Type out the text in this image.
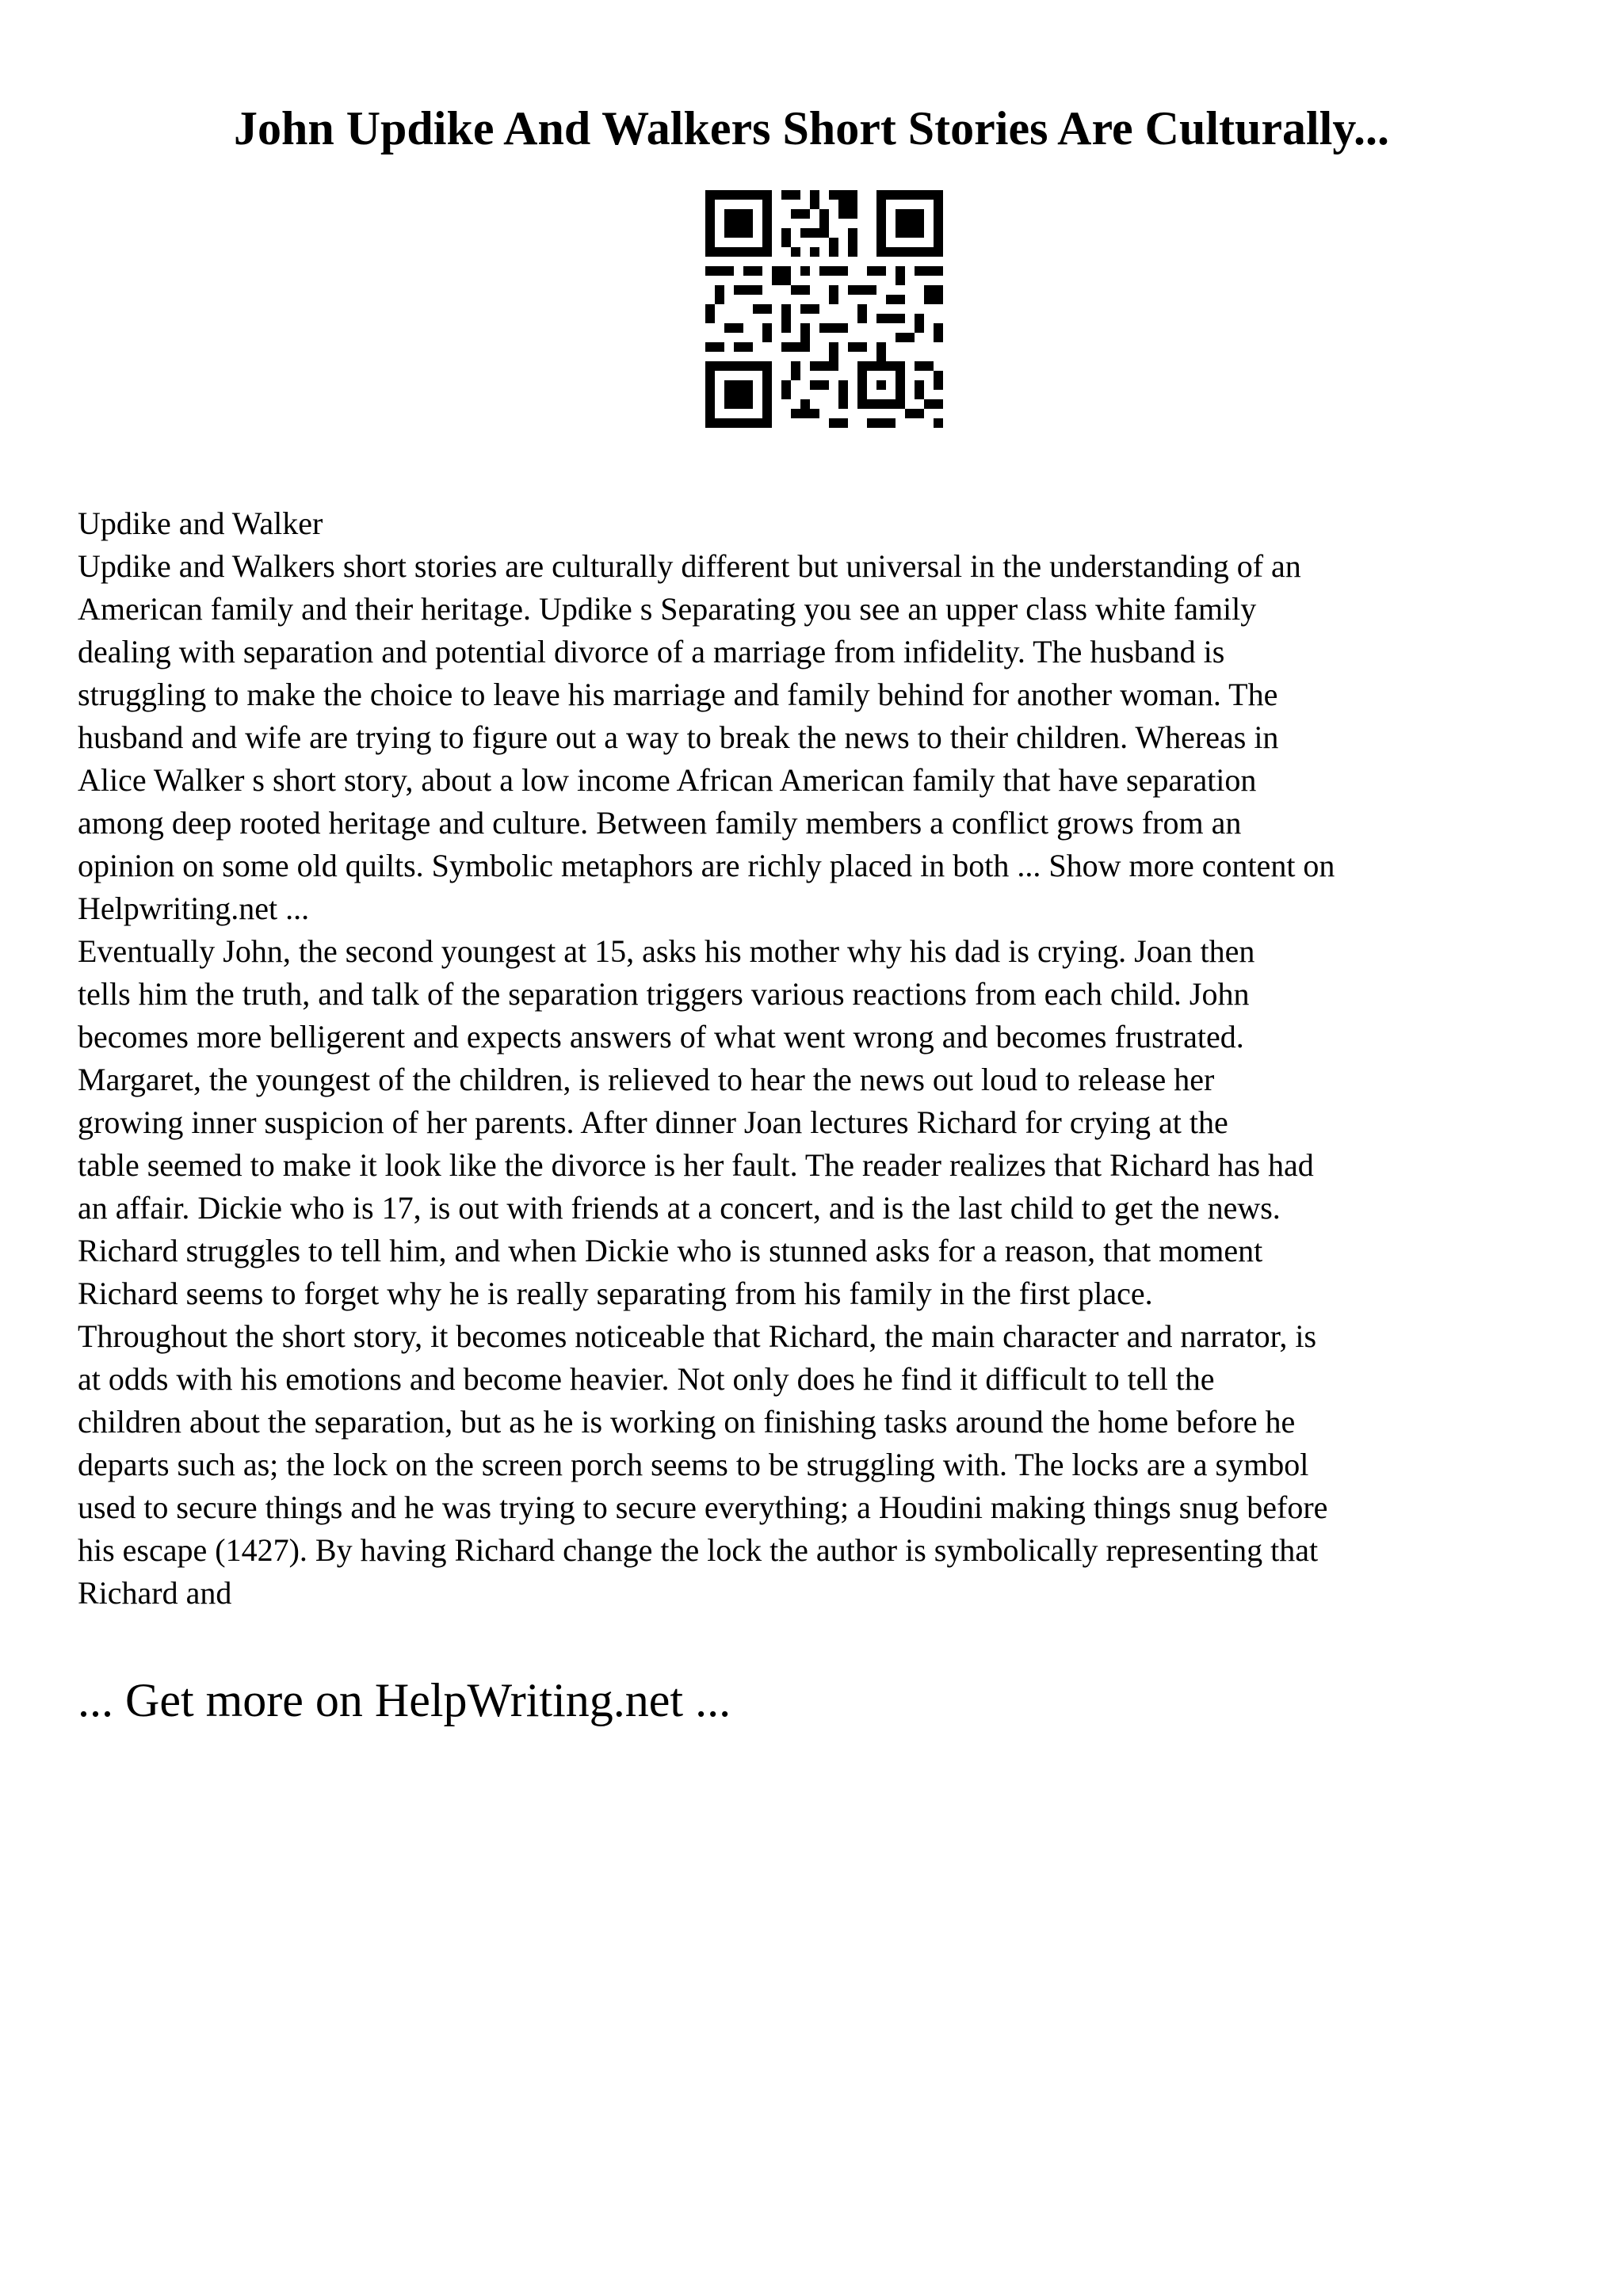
John Updike And Walkers Short Stories Are Culturally...
Updike and Walker
Updike and Walkers short stories are culturally different but universal in the understanding of an
American family and their heritage. Updike s Separating you see an upper class white family
dealing with separation and potential divorce of a marriage from infidelity. The husband is
struggling to make the choice to leave his marriage and family behind for another woman. The
husband and wife are trying to figure out a way to break the news to their children. Whereas in
Alice Walker s short story, about a low income African American family that have separation
among deep rooted heritage and culture. Between family members a conflict grows from an
opinion on some old quilts. Symbolic metaphors are richly placed in both ... Show more content on
Helpwriting.net ...
Eventually John, the second youngest at 15, asks his mother why his dad is crying. Joan then
tells him the truth, and talk of the separation triggers various reactions from each child. John
becomes more belligerent and expects answers of what went wrong and becomes frustrated.
Margaret, the youngest of the children, is relieved to hear the news out loud to release her
growing inner suspicion of her parents. After dinner Joan lectures Richard for crying at the
table seemed to make it look like the divorce is her fault. The reader realizes that Richard has had
an affair. Dickie who is 17, is out with friends at a concert, and is the last child to get the news.
Richard struggles to tell him, and when Dickie who is stunned asks for a reason, that moment
Richard seems to forget why he is really separating from his family in the first place.
Throughout the short story, it becomes noticeable that Richard, the main character and narrator, is
at odds with his emotions and become heavier. Not only does he find it difficult to tell the
children about the separation, but as he is working on finishing tasks around the home before he
departs such as; the lock on the screen porch seems to be struggling with. The locks are a symbol
used to secure things and he was trying to secure everything; a Houdini making things snug before
his escape (1427). By having Richard change the lock the author is symbolically representing that
Richard and

... Get more on HelpWriting.net ...
